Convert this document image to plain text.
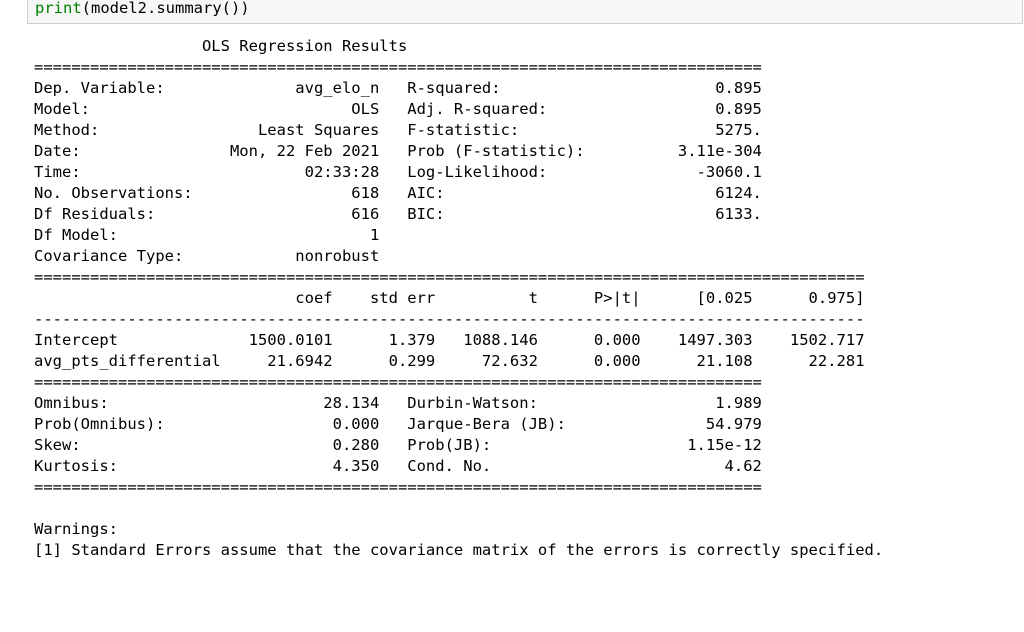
print(model2.summary())
OLS Regression Results
==============================================================================
Dep. Variable:              avg_elo_n   R-squared:                       0.895
Model:                            OLS   Adj. R-squared:                  0.895
Method:                 Least Squares   F-statistic:                     5275.
Date:                Mon, 22 Feb 2021   Prob (F-statistic):          3.11e-304
Time:                        02:33:28   Log-Likelihood:                -3060.1
No. Observations:                 618   AIC:                             6124.
Df Residuals:                     616   BIC:                             6133.
Df Model:                           1
Covariance Type:            nonrobust
=========================================================================================
coef    std err          t      P>|t|      [0.025      0.975]
-----------------------------------------------------------------------------------------
Intercept              1500.0101      1.379   1088.146      0.000    1497.303    1502.717
avg_pts_differential     21.6942      0.299     72.632      0.000      21.108      22.281
==============================================================================
Omnibus:                       28.134   Durbin-Watson:                   1.989
Prob(Omnibus):                  0.000   Jarque-Bera (JB):               54.979
Skew:                           0.280   Prob(JB):                     1.15e-12
Kurtosis:                       4.350   Cond. No.                         4.62
==============================================================================

Warnings:
[1] Standard Errors assume that the covariance matrix of the errors is correctly specified.
